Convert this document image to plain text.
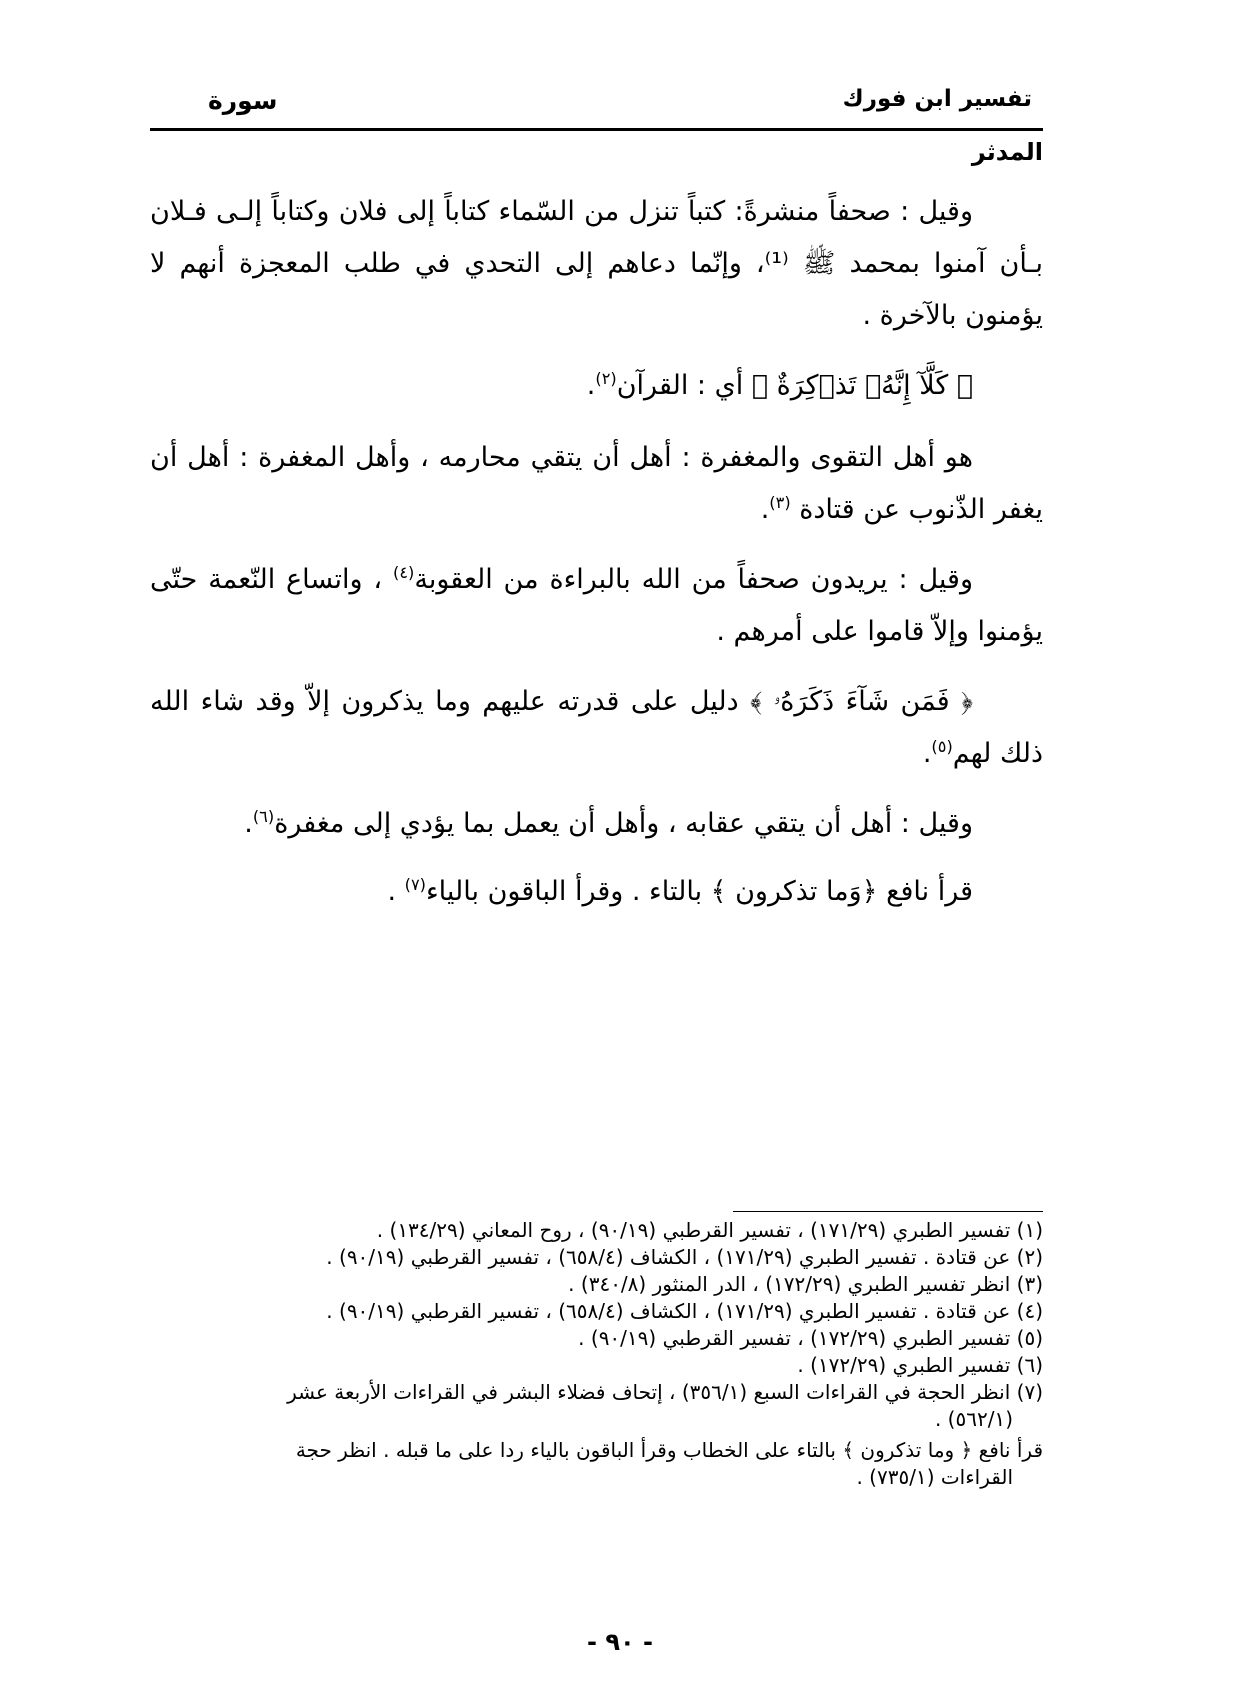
تفسير ابن فورك
سورة
المدثر

وقيل : صحفاً منشرةً: كتباً تنزل من السّماء كتاباً إلى فلان وكتاباً إلـى فـلان بـأن آمنوا بمحمد ﷺ ⁽¹⁾، وإنّما دعاهم إلى التحدي في طلب المعجزة أنهم لا يؤمنون بالآخرة .

﴿ كَلَّآ إِنَّهُۥ تَذۡكِرَةٌ ﴾ أي : القرآن$^{(٢)}$.

هو أهل التقوى والمغفرة : أهل أن يتقي محارمه ، وأهل المغفرة : أهل أن يغفر الذّنوب عن قتادة $^{(٣)}$.

وقيل : يريدون صحفاً من الله بالبراءة من العقوبة$^{(٤)}$ ، واتساع النّعمة حتّى يؤمنوا وإلاّ قاموا على أمرهم .

﴿ فَمَن شَآءَ ذَكَرَهُۥ ﴾ دليل على قدرته عليهم وما يذكرون إلاّ وقد شاء الله ذلك لهم$^{(٥)}$.

وقيل : أهل أن يتقي عقابه ، وأهل أن يعمل بما يؤدي إلى مغفرة$^{(٦)}$.

قرأ نافع ﴿وَما تذكرون ﴾ بالتاء . وقرأ الباقون بالياء$^{(٧)}$ .

(١) تفسير الطبري (١٧١/٢٩) ، تفسير القرطبي (٩٠/١٩) ، روح المعاني (١٣٤/٢٩) .

(٢) عن قتادة . تفسير الطبري (١٧١/٢٩) ، الكشاف (٦٥٨/٤) ، تفسير القرطبي (٩٠/١٩) .

(٣) انظر تفسير الطبري (١٧٢/٢٩) ، الدر المنثور (٣٤٠/٨) .

(٤) عن قتادة . تفسير الطبري (١٧١/٢٩) ، الكشاف (٦٥٨/٤) ، تفسير القرطبي (٩٠/١٩) .

(٥) تفسير الطبري (١٧٢/٢٩) ، تفسير القرطبي (٩٠/١٩) .

(٦) تفسير الطبري (١٧٢/٢٩) .

(٧) انظر الحجة في القراءات السبع (٣٥٦/١) ، إتحاف فضلاء البشر في القراءات الأربعة عشر
(٥٦٢/١) .

قرأ نافع ﴿ وما تذكرون ﴾ بالتاء على الخطاب وقرأ الباقون بالياء ردا على ما قبله . انظر حجة
القراءات (٧٣٥/١) .

- ٩٠ -
